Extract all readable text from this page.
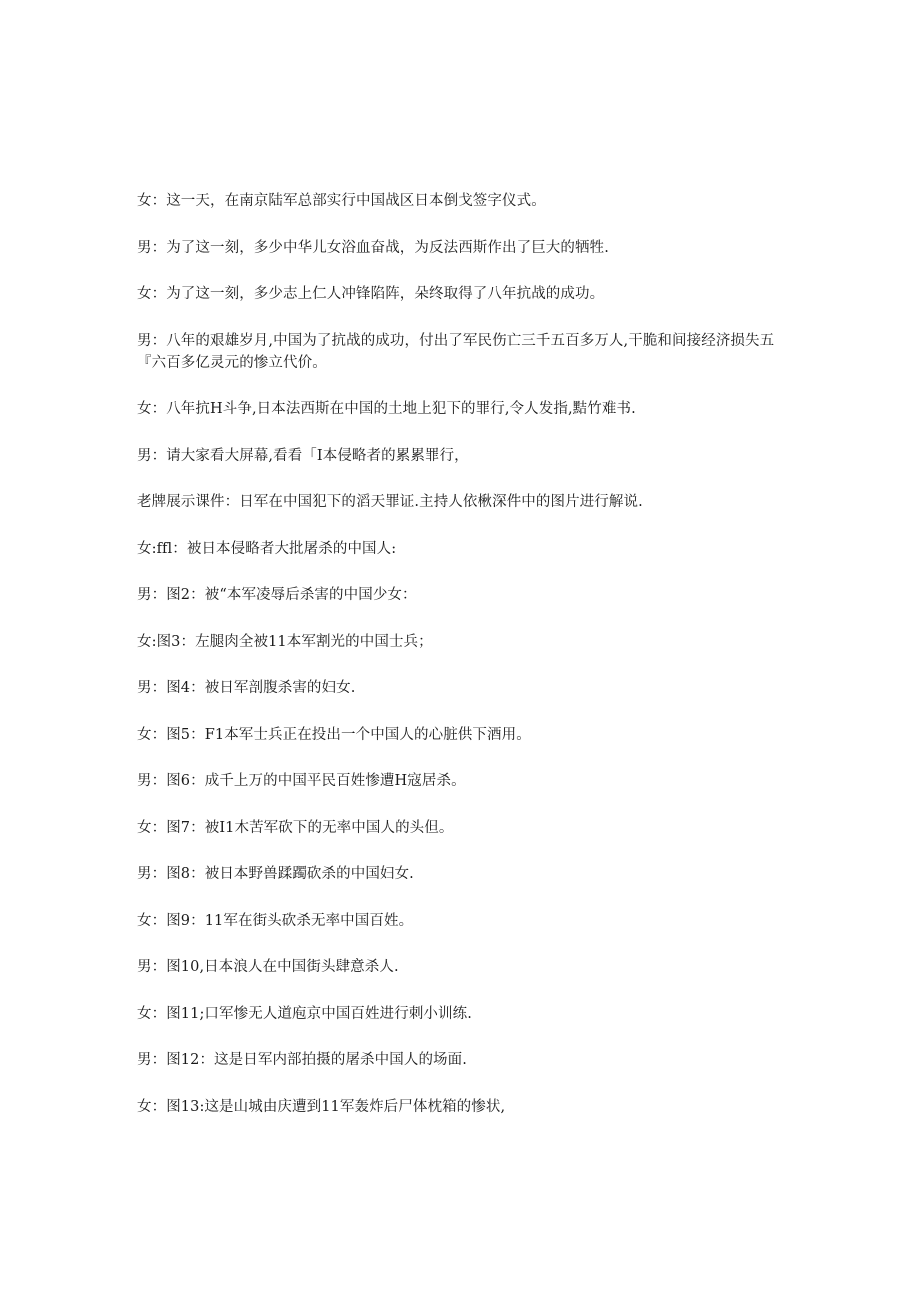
女：这一天，在南京陆军总部实行中国战区日本倒戈签字仪式。

男：为了这一刻，多少中华儿女浴血奋战，为反法西斯作出了巨大的牺牲.

女：为了这一刻，多少志上仁人冲锋陷阵，朵终取得了八年抗战的成功。

男：八年的艰雄岁月,中国为了抗战的成功，付出了军民伤亡三千五百多万人,干脆和间接经济损失五『六百多亿灵元的惨立代价。

女：八年抗H斗争,日本法西斯在中国的土地上犯下的罪行,令人发指,黠竹难书.

男：请大家看大屏幕,看看「I本侵略者的累累罪行，

老牌展示课件：日军在中国犯下的滔天罪证.主持人依楸深件中的图片进行解说.

女:ffl：被日本侵略者大批屠杀的中国人:

男：图2：被“本军凌辱后杀害的中国少女：

女:图3：左腿肉全被11本军割光的中国士兵；

男：图4：被日军剖腹杀害的妇女.

女：图5：F1本军士兵正在投出一个中国人的心脏供下酒用。

男：图6：成千上万的中国平民百姓惨遭H寇居杀。

女：图7：被I1木苦军砍下的无率中国人的头但。

男：图8：被日本野兽蹂躅砍杀的中国妇女.

女：图9：11军在街头砍杀无率中国百姓。

男：图10,日本浪人在中国街头肆意杀人.

女：图11;口军惨无人道庖京中国百姓进行刺小训练.

男：图12：这是日军内部拍摄的屠杀中国人的场面.

女：图13:这是山城由庆遭到11军轰炸后尸体枕箱的惨状,
